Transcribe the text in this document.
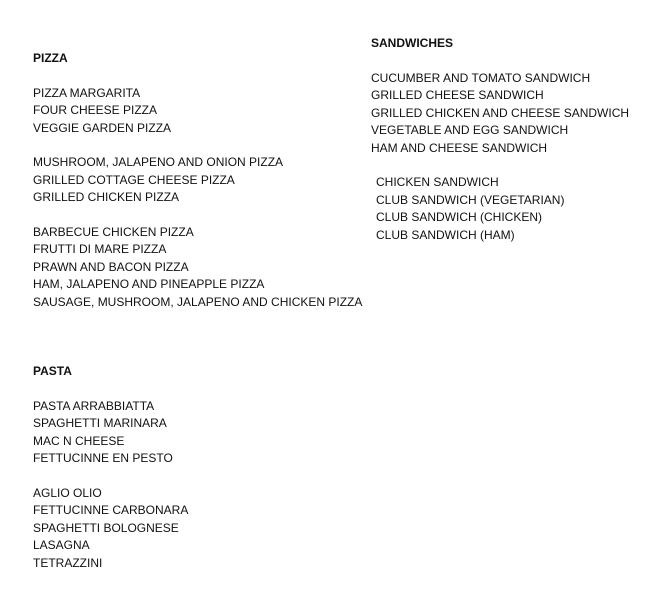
PIZZA

PIZZA MARGARITA

FOUR CHEESE PIZZA

VEGGIE GARDEN PIZZA

MUSHROOM, JALAPENO AND ONION PIZZA

GRILLED COTTAGE CHEESE PIZZA

GRILLED CHICKEN PIZZA

BARBECUE CHICKEN PIZZA

FRUTTI DI MARE PIZZA

PRAWN AND BACON PIZZA

HAM, JALAPENO AND PINEAPPLE PIZZA

SAUSAGE, MUSHROOM, JALAPENO AND CHICKEN PIZZA

PASTA

PASTA ARRABBIATTA

SPAGHETTI MARINARA

MAC N CHEESE

FETTUCINNE EN PESTO

AGLIO OLIO

FETTUCINNE CARBONARA

SPAGHETTI BOLOGNESE

LASAGNA

TETRAZZINI

SANDWICHES

CUCUMBER AND TOMATO SANDWICH

GRILLED CHEESE SANDWICH

GRILLED CHICKEN AND CHEESE SANDWICH

VEGETABLE AND EGG SANDWICH

HAM AND CHEESE SANDWICH

CHICKEN SANDWICH

CLUB SANDWICH (VEGETARIAN)

CLUB SANDWICH (CHICKEN)

CLUB SANDWICH (HAM)
